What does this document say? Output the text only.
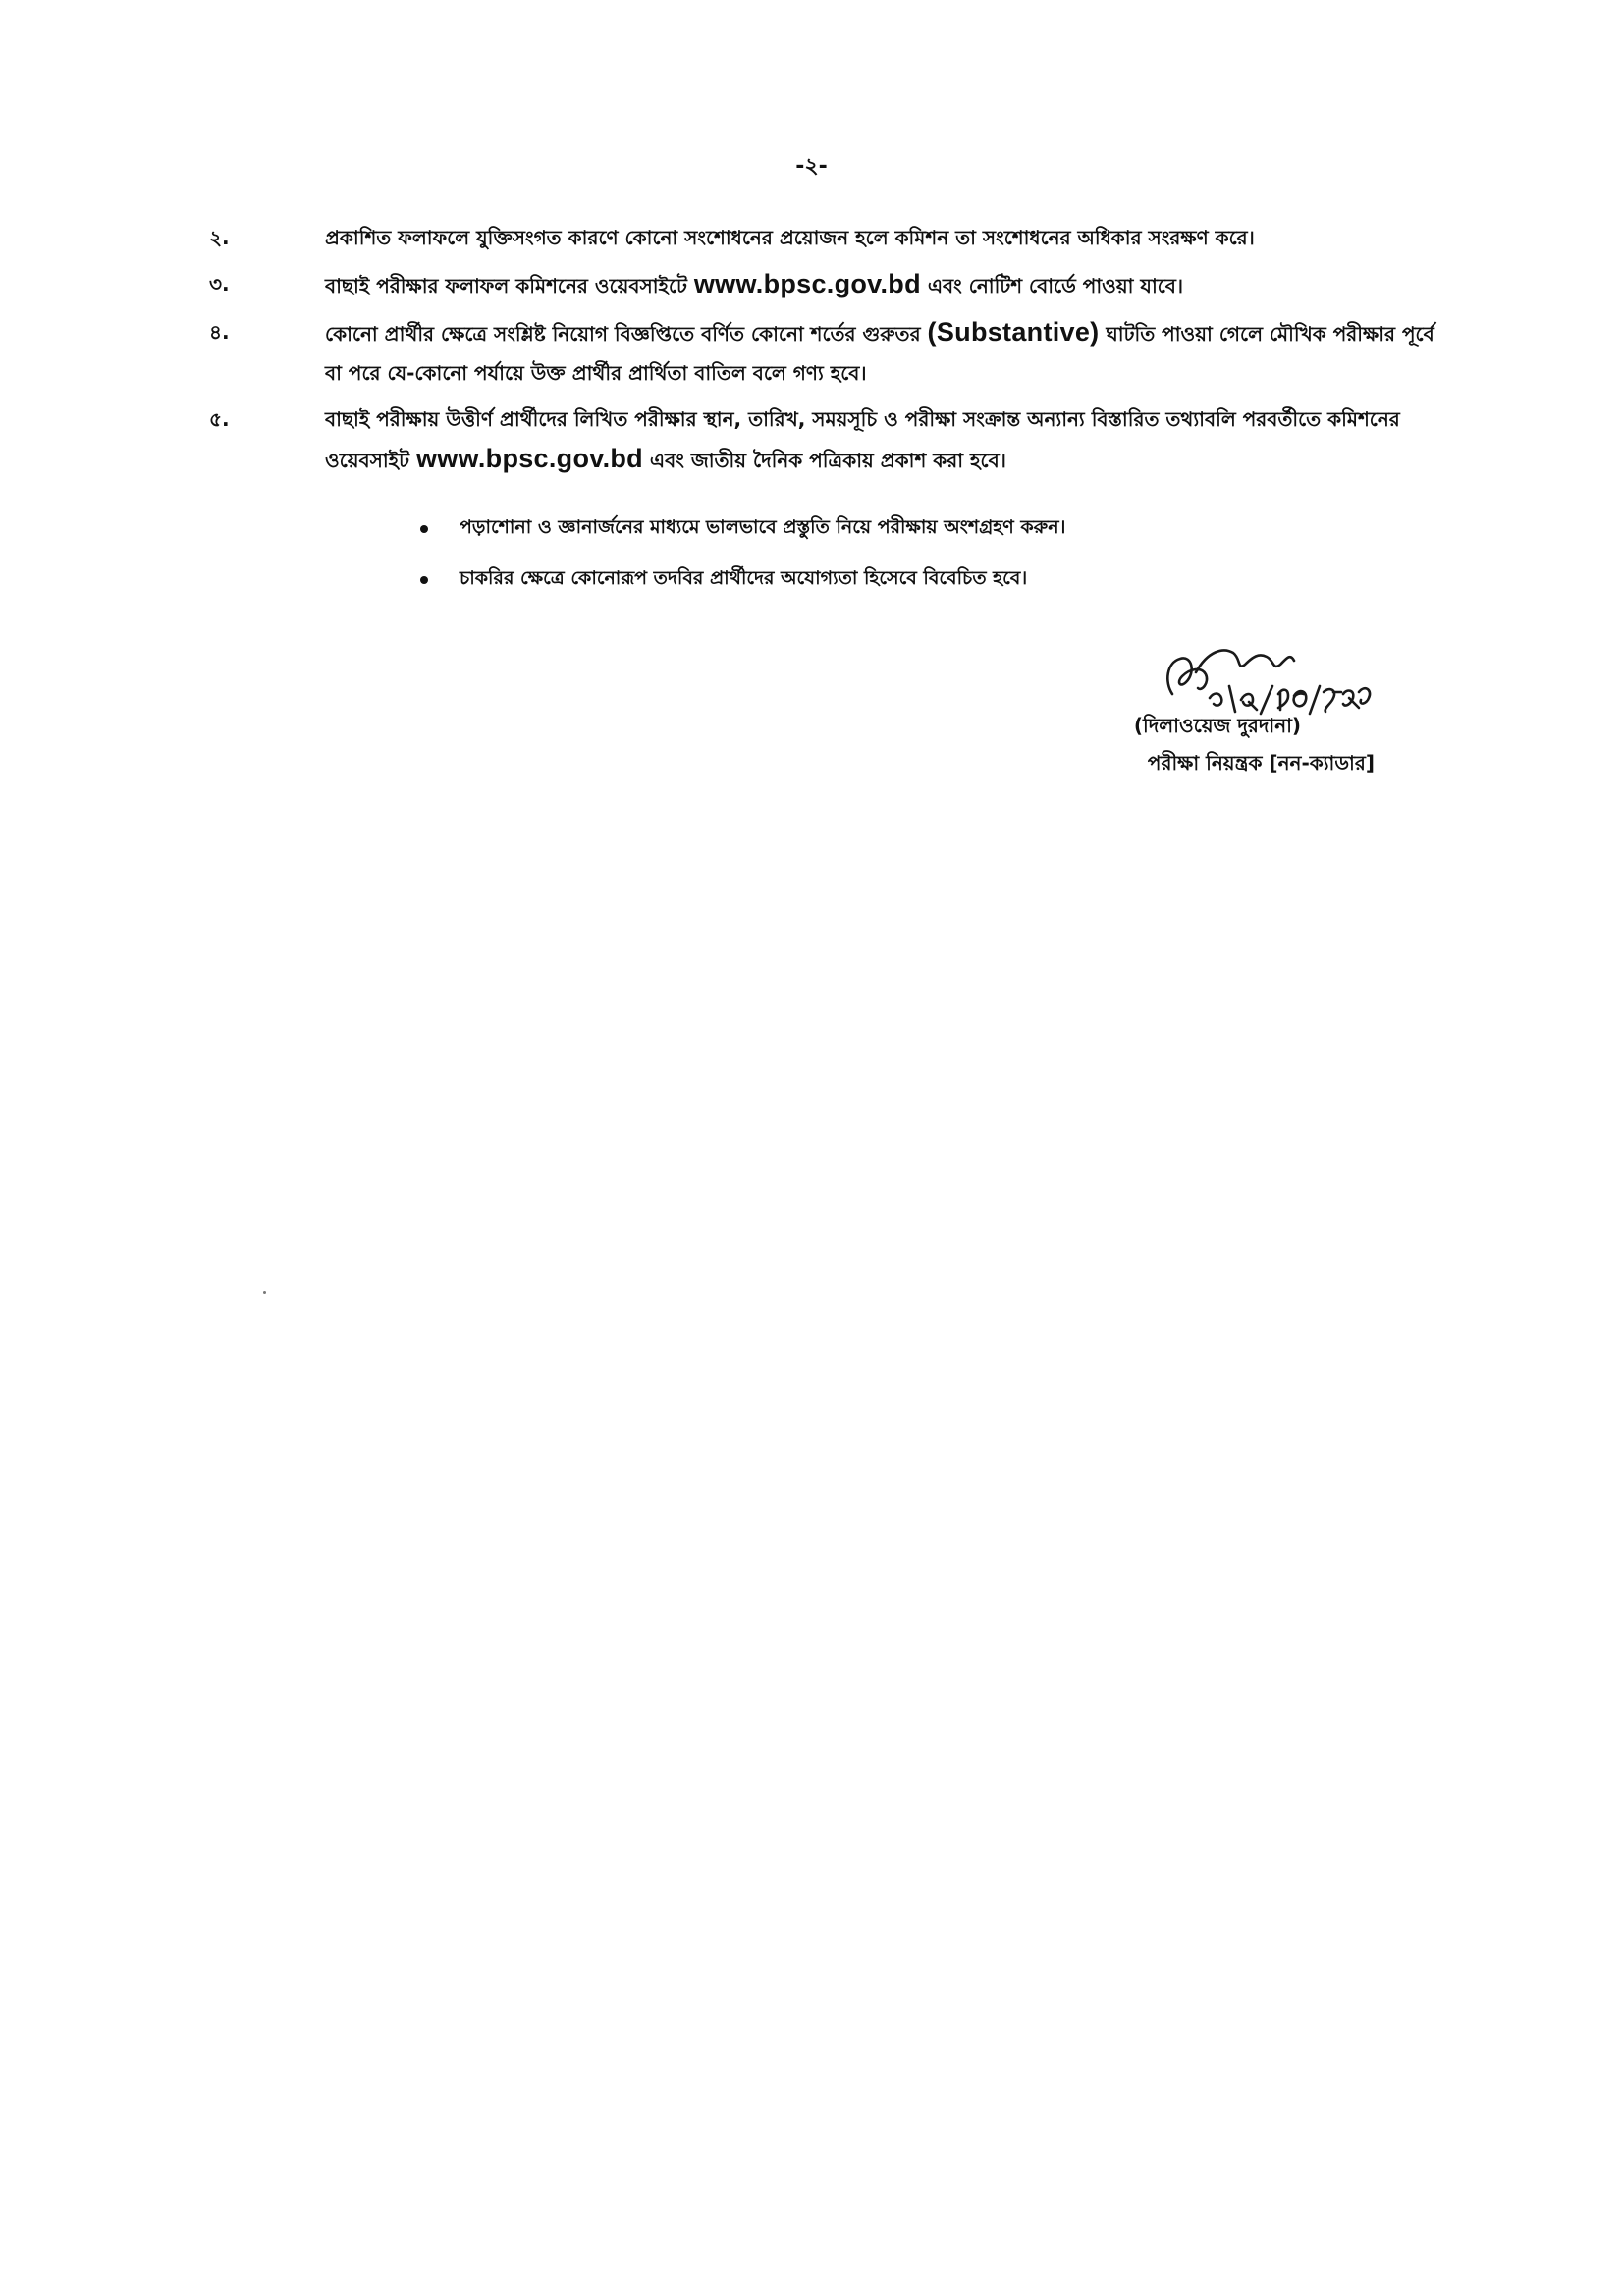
-২-
২.	প্রকাশিত ফলাফলে যুক্তিসংগত কারণে কোনো সংশোধনের প্রয়োজন হলে কমিশন তা সংশোধনের অধিকার সংরক্ষণ করে।
৩.	বাছাই পরীক্ষার ফলাফল কমিশনের ওয়েবসাইটে www.bpsc.gov.bd এবং নোটিশ বোর্ডে পাওয়া যাবে।
৪.	কোনো প্রার্থীর ক্ষেত্রে সংশ্লিষ্ট নিয়োগ বিজ্ঞপ্তিতে বর্ণিত কোনো শর্তের গুরুতর (Substantive) ঘাটতি পাওয়া গেলে মৌখিক পরীক্ষার পূর্বে বা পরে যে-কোনো পর্যায়ে উক্ত প্রার্থীর প্রার্থিতা বাতিল বলে গণ্য হবে।
৫.	বাছাই পরীক্ষায় উত্তীর্ণ প্রার্থীদের লিখিত পরীক্ষার স্থান, তারিখ, সময়সূচি ও পরীক্ষা সংক্রান্ত অন্যান্য বিস্তারিত তথ্যাবলি পরবর্তীতে কমিশনের ওয়েবসাইট www.bpsc.gov.bd এবং জাতীয় দৈনিক পত্রিকায় প্রকাশ করা হবে।
পড়াশোনা ও জ্ঞানার্জনের মাধ্যমে ভালভাবে প্রস্তুতি নিয়ে পরীক্ষায় অংশগ্রহণ করুন।
চাকরির ক্ষেত্রে কোনোরূপ তদবির প্রার্থীদের অযোগ্যতা হিসেবে বিবেচিত হবে।
(দিলাওয়েজ দুরদানা)
পরীক্ষা নিয়ন্ত্রক [নন-ক্যাডার]
